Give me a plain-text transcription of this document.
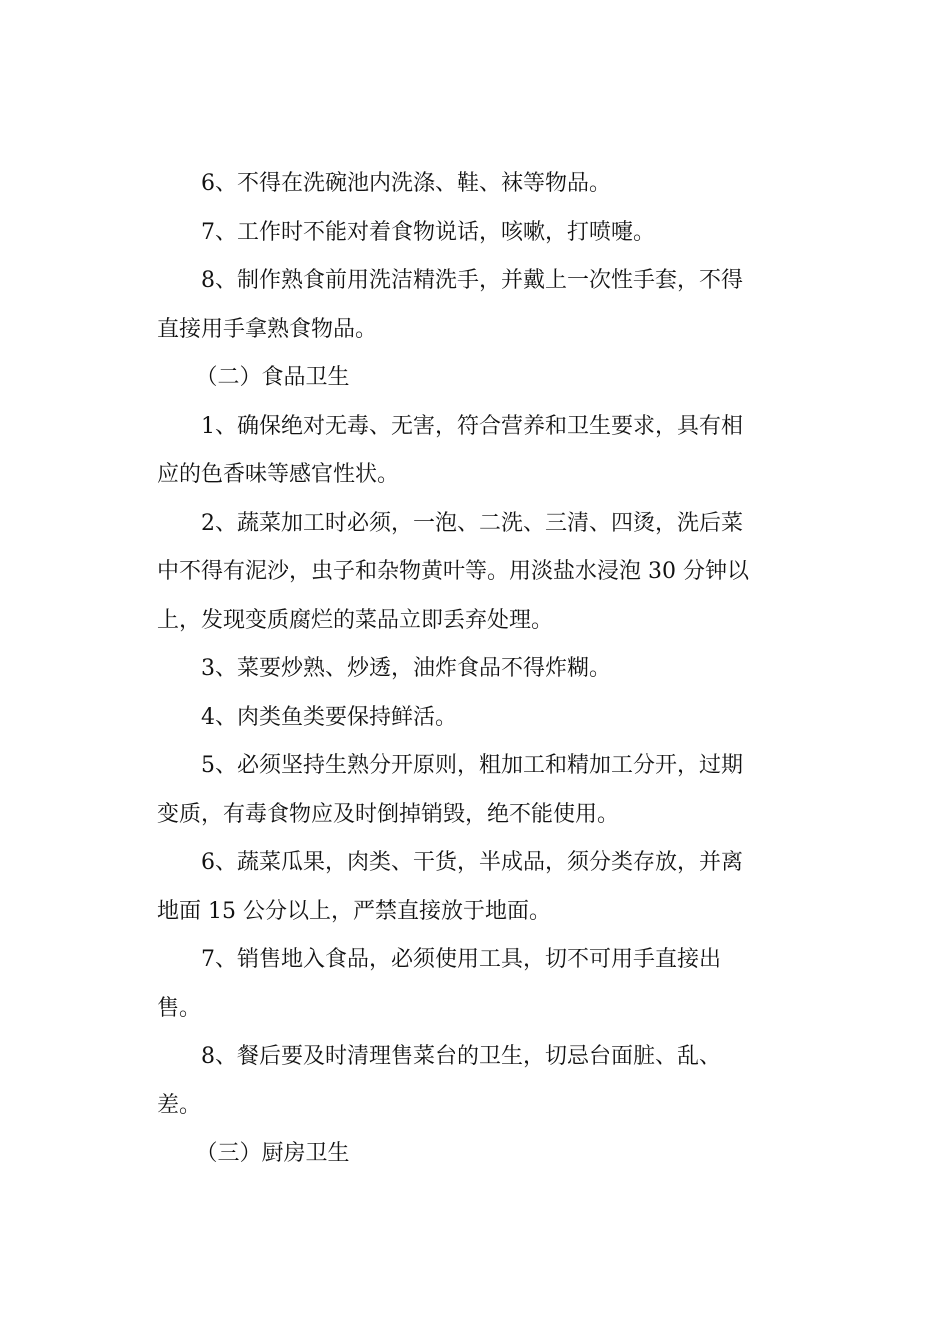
6、不得在洗碗池内洗涤、鞋、袜等物品。

7、工作时不能对着食物说话，咳嗽，打喷嚏。

8、制作熟食前用洗洁精洗手，并戴上一次性手套，不得
直接用手拿熟食物品。

（二）食品卫生

1、确保绝对无毒、无害，符合营养和卫生要求，具有相
应的色香味等感官性状。

2、蔬菜加工时必须，一泡、二洗、三清、四烫，洗后菜
中不得有泥沙，虫子和杂物黄叶等。用淡盐水浸泡 30 分钟以
上，发现变质腐烂的菜品立即丢弃处理。

3、菜要炒熟、炒透，油炸食品不得炸糊。

4、肉类鱼类要保持鲜活。

5、必须坚持生熟分开原则，粗加工和精加工分开，过期
变质，有毒食物应及时倒掉销毁，绝不能使用。

6、蔬菜瓜果，肉类、干货，半成品，须分类存放，并离
地面 15 公分以上，严禁直接放于地面。

7、销售地入食品，必须使用工具，切不可用手直接出
售。

8、餐后要及时清理售菜台的卫生，切忌台面脏、乱、
差。

（三）厨房卫生
